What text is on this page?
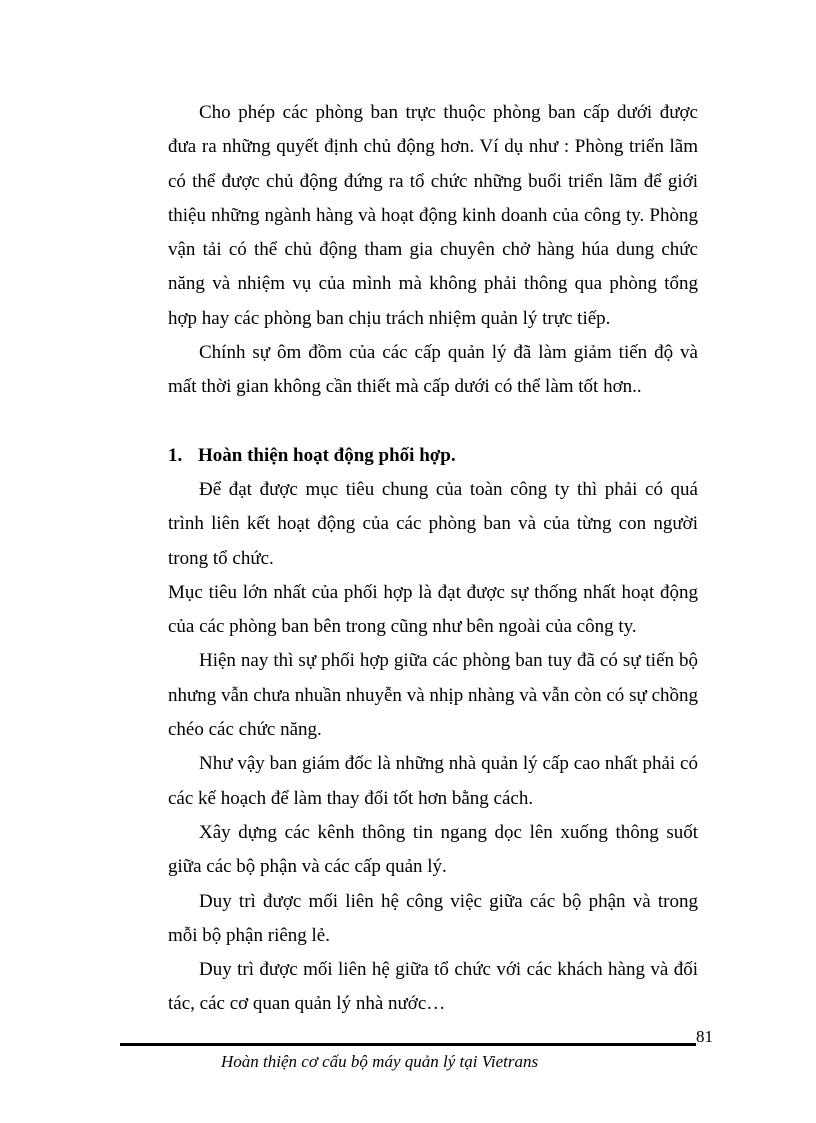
Cho phép các phòng ban trực thuộc phòng ban cấp dưới được đưa ra những quyết định chủ động hơn. Ví dụ như : Phòng triển lãm có thể được chủ động đứng ra tổ chức những buổi triển lãm để giới thiệu những ngành hàng và hoạt động kinh doanh của công ty. Phòng vận tải có thể chủ động tham gia chuyên chở hàng húa dung chức năng và nhiệm vụ của mình mà không phải thông qua phòng tổng hợp hay các phòng ban chịu trách nhiệm quản lý trực tiếp.

Chính sự ôm đồm của các cấp quản lý đã làm giảm tiến độ và mất thời gian không cần thiết mà cấp dưới có thể làm tốt hơn..

1. Hoàn thiện hoạt động phối hợp.

Để đạt được mục tiêu chung của toàn công ty thì phải có quá trình liên kết hoạt động của các phòng ban và của từng con người trong tổ chức.

Mục tiêu lớn nhất của phối hợp là đạt được sự thống nhất hoạt động của các phòng ban bên trong cũng như bên ngoài của công ty.

Hiện nay thì sự phối hợp giữa các phòng ban tuy đã có sự tiến bộ nhưng vẫn chưa nhuần nhuyễn và nhịp nhàng và vẫn còn có sự chồng chéo các chức năng.

Như vậy ban giám đốc là những nhà quản lý cấp cao nhất phải có các kế hoạch để làm thay đổi tốt hơn bằng cách.

Xây dựng các kênh thông tin ngang dọc lên xuống thông suốt giữa các bộ phận và các cấp quản lý.

Duy trì được mối liên hệ công việc giữa các bộ phận và trong mỗi bộ phận riêng lẻ.

Duy trì được mối liên hệ giữa tổ chức với các khách hàng và đối tác, các cơ quan quản lý nhà nước…

81
Hoàn thiện cơ cấu bộ máy quản lý tại Vietrans
